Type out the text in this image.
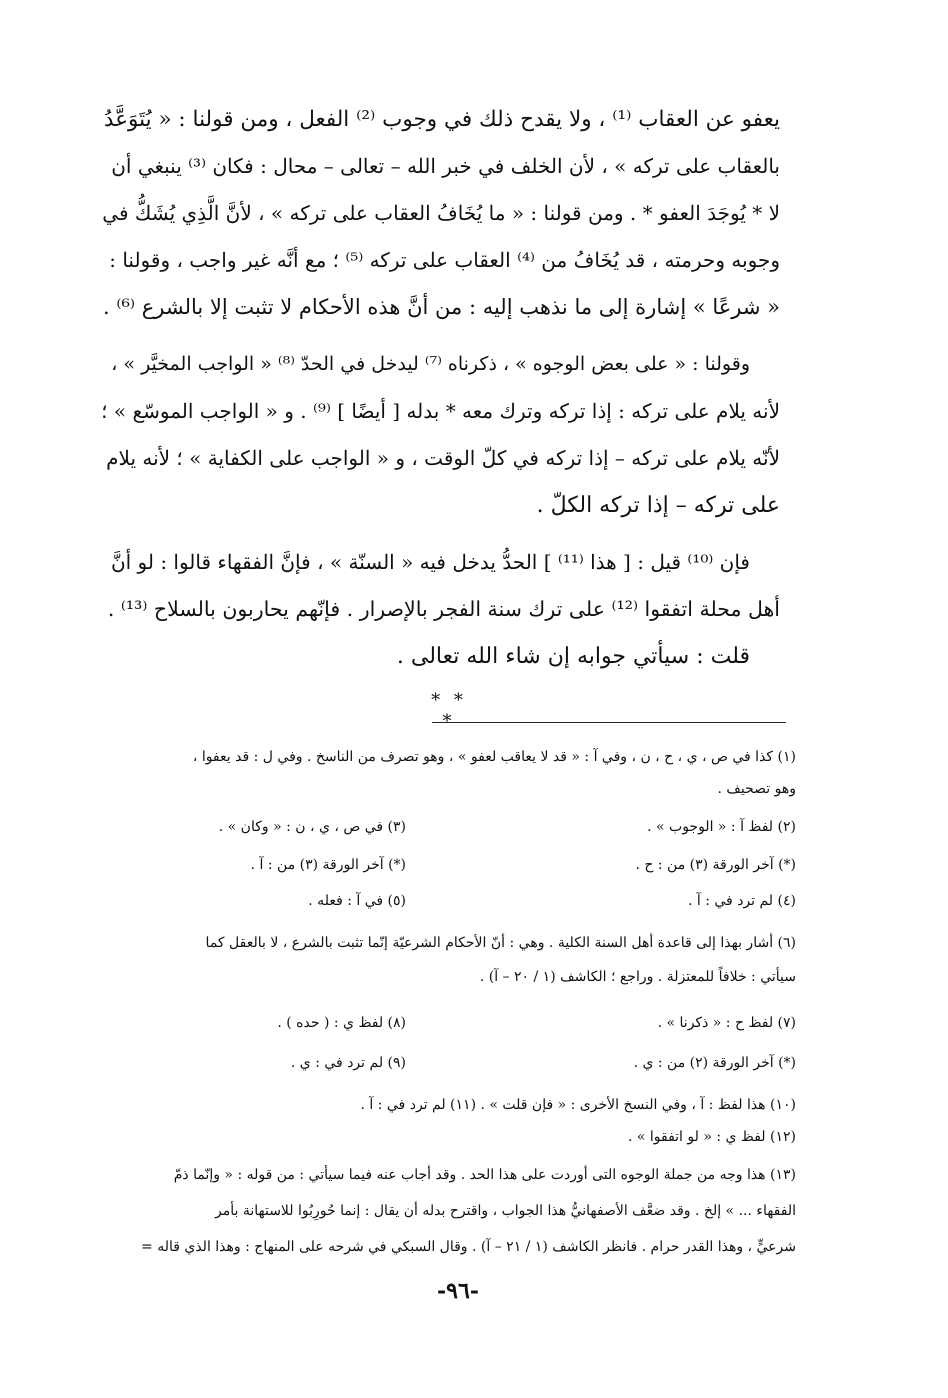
يعفو عن العقاب ⁽¹⁾ ، ولا يقدح ذلك في وجوب ⁽²⁾ الفعل ، ومن قولنا : « يُتَوَعَّدُ
بالعقاب على تركه » ، لأن الخلف في خبر الله – تعالى – محال : فكان ⁽³⁾ ينبغي أن
لا * يُوجَدَ العفو * . ومن قولنا : « ما يُخَافُ العقاب على تركه » ، لأنَّ الَّذِي يُشَكُّ في
وجوبه وحرمته ، قد يُخَافُ من ⁽⁴⁾ العقاب على تركه ⁽⁵⁾ ؛ مع أنَّه غير واجب ، وقولنا :
« شرعًا » إشارة إلى ما نذهب إليه : من أنَّ هذه الأحكام لا تثبت إلا بالشرع ⁽⁶⁾ .
وقولنا : « على بعض الوجوه » ، ذكرناه ⁽⁷⁾ ليدخل في الحدّ ⁽⁸⁾ « الواجب المخيَّر » ،
لأنه يلام على تركه : إذا تركه وترك معه * بدله [ أيضًا ] ⁽⁹⁾ . و « الواجب الموسّع » ؛
لأنّه يلام على تركه – إذا تركه في كلّ الوقت ، و « الواجب على الكفاية » ؛ لأنه يلام
على تركه – إذا تركه الكلّ .
فإن ⁽¹⁰⁾ قيل : [ هذا ⁽¹¹⁾ ] الحدُّ يدخل فيه « السنّة » ، فإنَّ الفقهاء قالوا : لو أنَّ
أهل محلة اتفقوا ⁽¹²⁾ على ترك سنة الفجر بالإصرار . فإنّهم يحاربون بالسلاح ⁽¹³⁾ .
قلت : سيأتي جوابه إن شاء الله تعالى .
* * *
(١) كذا في ص ، ي ، ح ، ن ، وفي آ : « قد لا يعاقب لعفو » ، وهو تصرف من الناسخ . وفي ل : قد يعفوا ،
وهو تصحيف .
(٢) لفظ آ : « الوجوب » .
(٣) في ص ، ي ، ن : « وكان » .
(*) آخر الورقة (٣) من : ح .
(*) آخر الورقة (٣) من : آ .
(٤) لم ترد في : آ .
(٥) في آ : فعله .
(٦) أشار بهذا إلى قاعدة أهل السنة الكلية . وهي : أنّ الأحكام الشرعيّة إنّما تثبت بالشرع ، لا بالعقل كما
سيأتي : خلافاً للمعتزلة . وراجع ؛ الكاشف (١ / ٢٠ – آ) .
(٧) لفظ ح : « ذكرنا » .
(٨) لفظ ي : ( حده ) .
(*) آخر الورقة (٢) من : ي .
(٩) لم ترد في : ي .
(١٠) هذا لفظ : آ ، وفي النسخ الأخرى : « فإن قلت » . (١١) لم ترد في : آ .
(١٢) لفظ ي : « لو اتفقوا » .
(١٣) هذا وجه من جملة الوجوه التى أوردت على هذا الحد . وقد أجاب عنه فيما سيأتي : من قوله : « وإنّما ذمّ
الفقهاء ... » إلخ . وقد ضعَّف الأصفهانيُّ هذا الجواب ، واقترح بدله أن يقال : إنما حُورِبُوا للاستهانة بأمر
شرعيٍّ ، وهذا القدر حرام . فانظر الكاشف (١ / ٢١ – آ) . وقال السبكي في شرحه على المنهاج : وهذا الذي قاله =
-٩٦-
